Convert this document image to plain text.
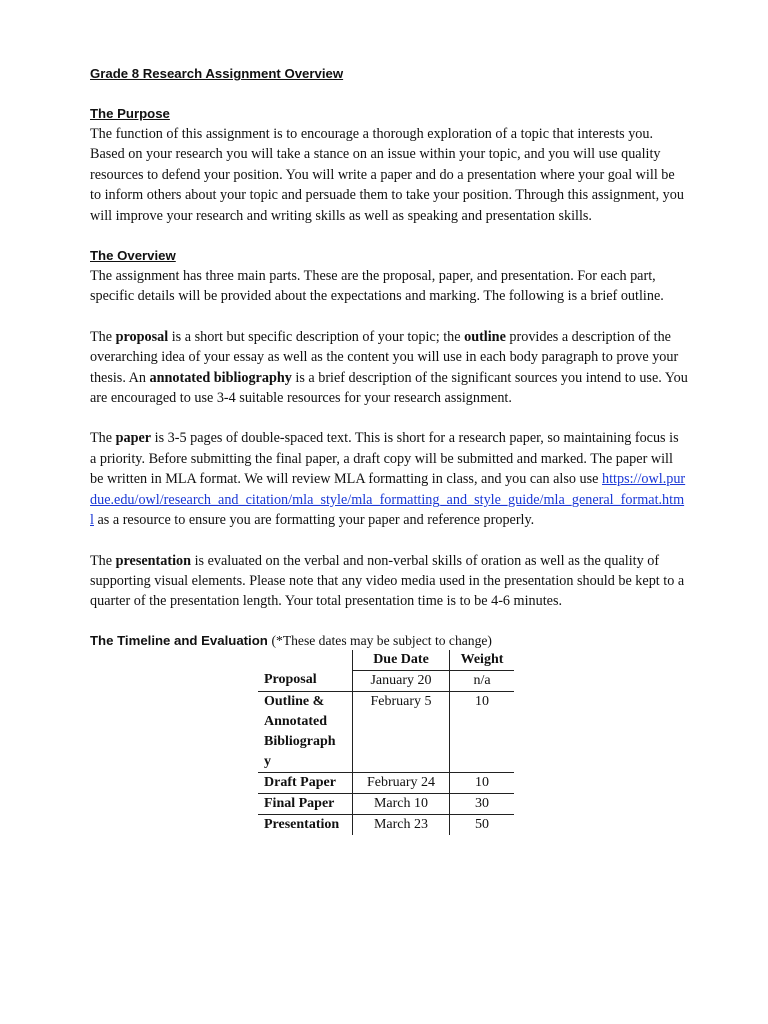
Grade 8 Research Assignment Overview
The Purpose

The function of this assignment is to encourage a thorough exploration of a topic that interests you. Based on your research you will take a stance on an issue within your topic, and you will use quality resources to defend your position. You will write a paper and do a presentation where your goal will be to inform others about your topic and persuade them to take your position. Through this assignment, you will improve your research and writing skills as well as speaking and presentation skills.

The Overview

The assignment has three main parts. These are the proposal, paper, and presentation. For each part, specific details will be provided about the expectations and marking. The following is a brief outline.

The proposal is a short but specific description of your topic; the outline provides a description of the overarching idea of your essay as well as the content you will use in each body paragraph to prove your thesis. An annotated bibliography is a brief description of the significant sources you intend to use. You are encouraged to use 3-4 suitable resources for your research assignment.

The paper is 3-5 pages of double-spaced text. This is short for a research paper, so maintaining focus is a priority. Before submitting the final paper, a draft copy will be submitted and marked. The paper will be written in MLA format. We will review MLA formatting in class, and you can also use https://owl.purdue.edu/owl/research_and_citation/mla_style/mla_formatting_and_style_guide/mla_general_format.html as a resource to ensure you are formatting your paper and reference properly.

The presentation is evaluated on the verbal and non-verbal skills of oration as well as the quality of supporting visual elements. Please note that any video media used in the presentation should be kept to a quarter of the presentation length. Your total presentation time is to be 4-6 minutes.

The Timeline and Evaluation (*These dates may be subject to change)
	Due Date	Weight
Proposal	January 20	n/a
Outline & Annotated Bibliograph y	February 5	10
Draft Paper	February 24	10
Final Paper	March 10	30
Presentation	March 23	50
